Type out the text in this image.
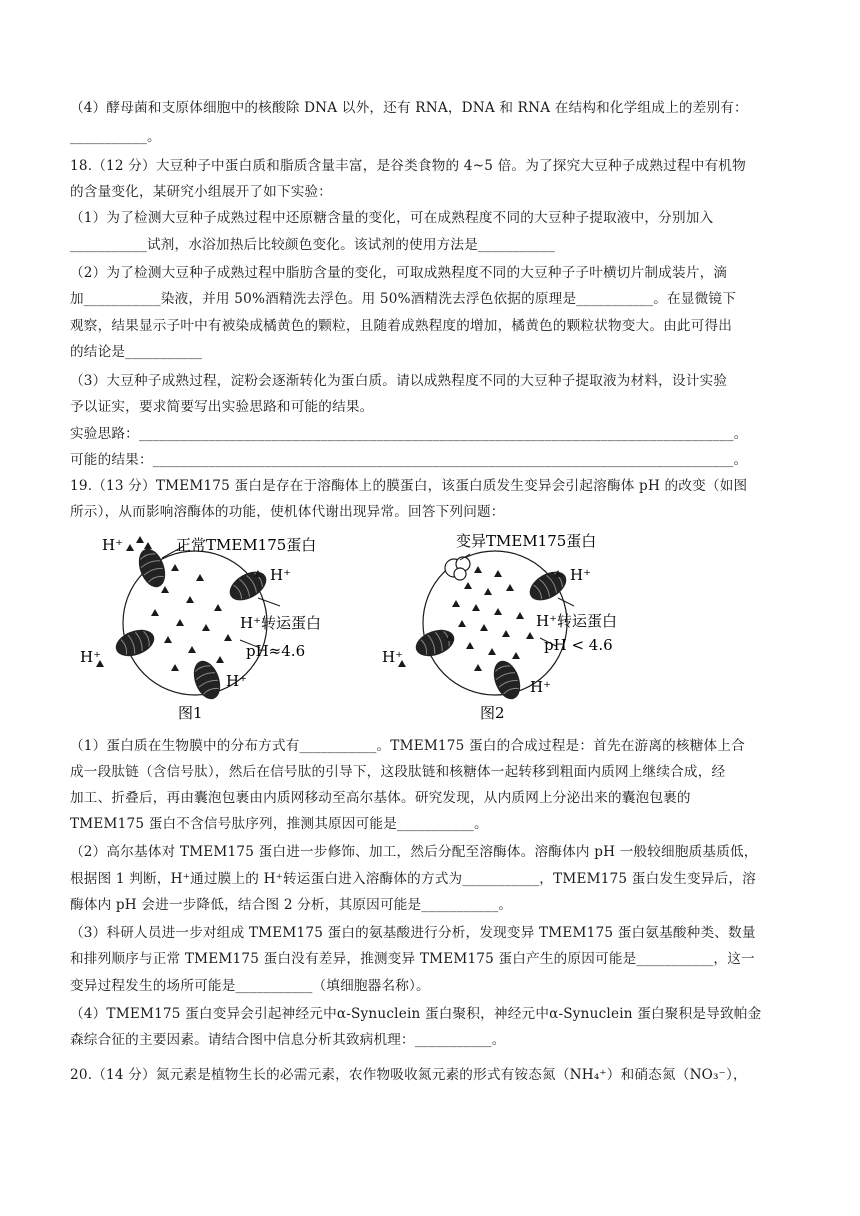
（4）酵母菌和支原体细胞中的核酸除 DNA 以外，还有 RNA，DNA 和 RNA 在结构和化学组成上的差别有：
___________。
18.（12 分）大豆种子中蛋白质和脂质含量丰富，是谷类食物的 4~5 倍。为了探究大豆种子成熟过程中有机物
的含量变化，某研究小组展开了如下实验：
（1）为了检测大豆种子成熟过程中还原糖含量的变化，可在成熟程度不同的大豆种子提取液中，分别加入
___________试剂，水浴加热后比较颜色变化。该试剂的使用方法是___________
（2）为了检测大豆种子成熟过程中脂肪含量的变化，可取成熟程度不同的大豆种子子叶横切片制成装片，滴
加___________染液，并用 50%酒精洗去浮色。用 50%酒精洗去浮色依据的原理是___________。在显微镜下
观察，结果显示子叶中有被染成橘黄色的颗粒，且随着成熟程度的增加，橘黄色的颗粒状物变大。由此可得出
的结论是___________
（3）大豆种子成熟过程，淀粉会逐渐转化为蛋白质。请以成熟程度不同的大豆种子提取液为材料，设计实验
予以证实，要求简要写出实验思路和可能的结果。
实验思路：_____________________________________________________________________________________。
可能的结果：___________________________________________________________________________________。
19.（13 分）TMEM175 蛋白是存在于溶酶体上的膜蛋白，该蛋白质发生变异会引起溶酶体 pH 的改变（如图
所示），从而影响溶酶体的功能，使机体代谢出现异常。回答下列问题：
H⁺	正常TMEM175蛋白
H⁺
H⁺转运蛋白
pH≈4.6
H⁺
H⁺
图1
变异TMEM175蛋白
H⁺
H⁺转运蛋白
pH < 4.6
H⁺
H⁺
图2
（1）蛋白质在生物膜中的分布方式有___________。TMEM175 蛋白的合成过程是：首先在游离的核糖体上合
成一段肽链（含信号肽），然后在信号肽的引导下，这段肽链和核糖体一起转移到粗面内质网上继续合成，经
加工、折叠后，再由囊泡包裹由内质网移动至高尔基体。研究发现，从内质网上分泌出来的囊泡包裹的
TMEM175 蛋白不含信号肽序列，推测其原因可能是___________。
（2）高尔基体对 TMEM175 蛋白进一步修饰、加工，然后分配至溶酶体。溶酶体内 pH 一般较细胞质基质低，
根据图 1 判断，H⁺通过膜上的 H⁺转运蛋白进入溶酶体的方式为___________，TMEM175 蛋白发生变异后，溶
酶体内 pH 会进一步降低，结合图 2 分析，其原因可能是___________。
（3）科研人员进一步对组成 TMEM175 蛋白的氨基酸进行分析，发现变异 TMEM175 蛋白氨基酸种类、数量
和排列顺序与正常 TMEM175 蛋白没有差异，推测变异 TMEM175 蛋白产生的原因可能是___________，这一
变异过程发生的场所可能是___________（填细胞器名称）。
（4）TMEM175 蛋白变异会引起神经元中α-Synuclein 蛋白聚积，神经元中α-Synuclein 蛋白聚积是导致帕金
森综合征的主要因素。请结合图中信息分析其致病机理：___________。
20.（14 分）氮元素是植物生长的必需元素，农作物吸收氮元素的形式有铵态氮（NH₄⁺）和硝态氮（NO₃⁻），
